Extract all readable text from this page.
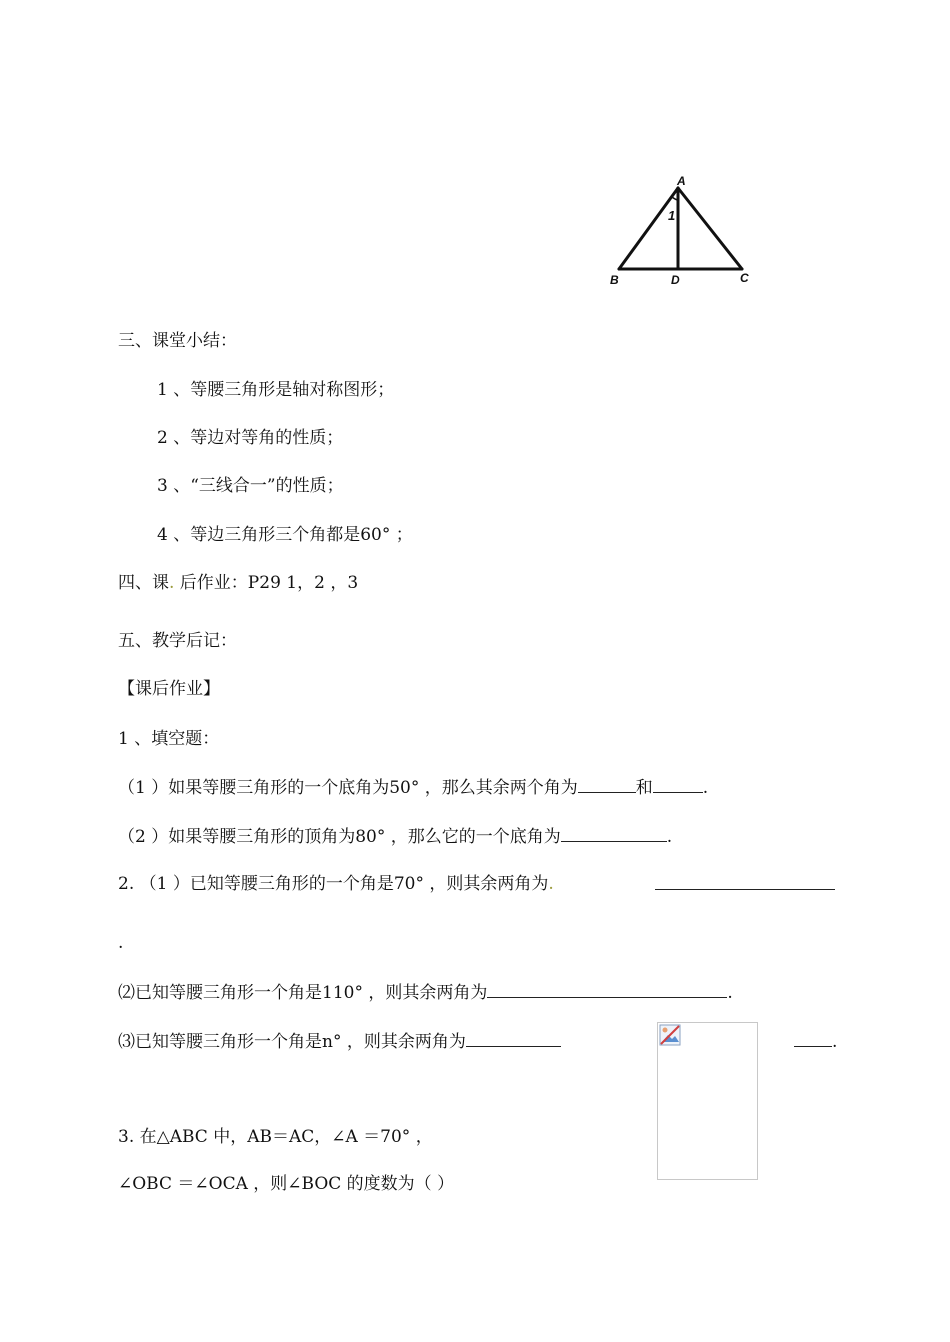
A
B	D	C
1
三、课堂小结：
1 、等腰三角形是轴对称图形；
2 、等边对等角的性质；
3 、“三线合一”的性质；
4 、等边三角形三个角都是60° ；
四、课. 后作业：P29 1，2 ，3
五、教学后记：
【课后作业】
1 、填空题：
（1 ）如果等腰三角形的一个底角为50° ，那么其余两个角为	和	.
（2 ）如果等腰三角形的顶角为80° ，那么它的一个底角为	.
2. （1 ）已知等腰三角形的一个角是70° ，则其余两角为.
.
⑵已知等腰三角形一个角是110° ，则其余两角为	.
⑶已知等腰三角形一个角是n° ，则其余两角为	.
3. 在△ABC 中，AB＝AC，∠A ＝70° ，
∠OBC ＝∠OCA ，则∠BOC 的度数为（ ）
